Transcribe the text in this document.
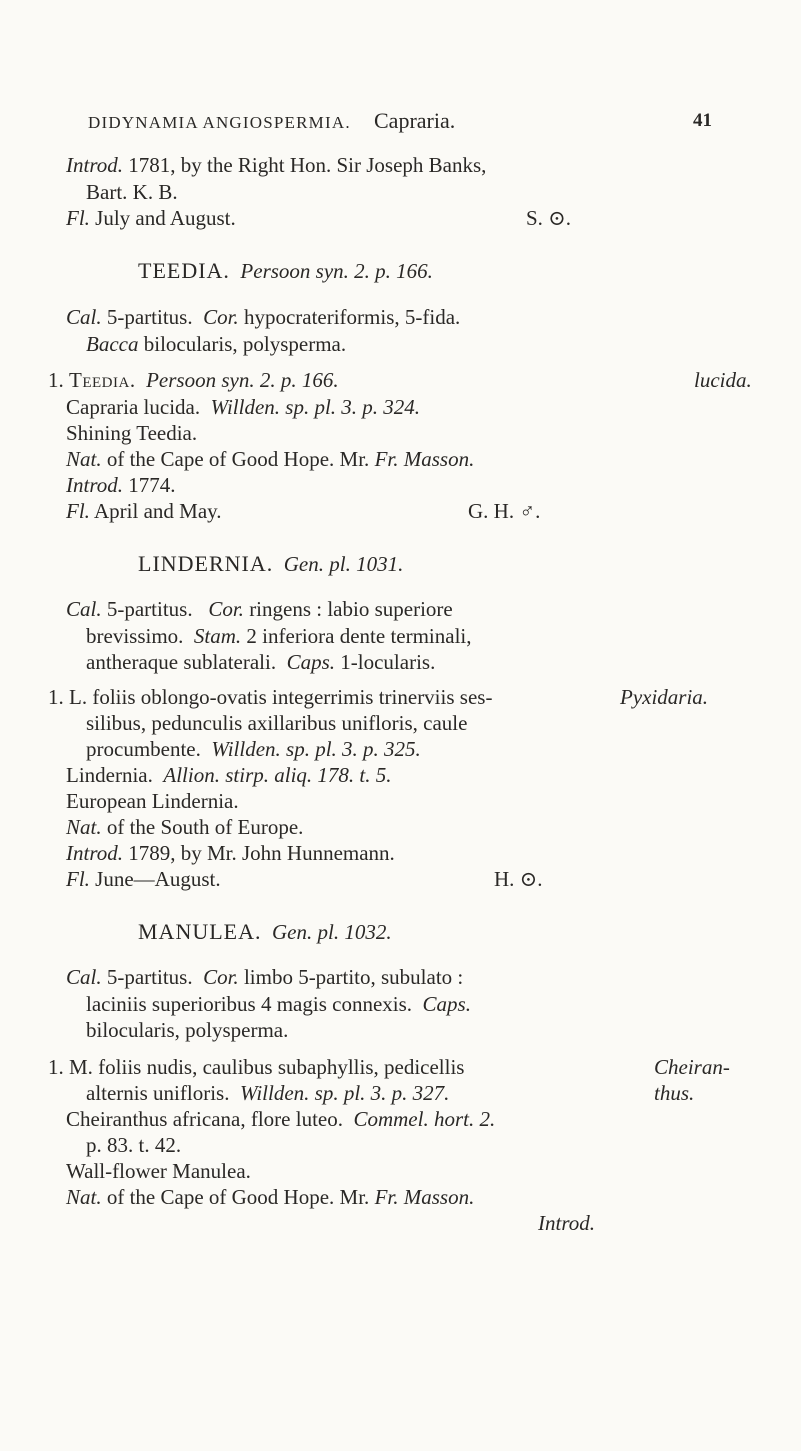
DIDYNAMIA ANGIOSPERMIA. Capraria.	41
Introd. 1781, by the Right Hon. Sir Joseph Banks,
Bart. K. B.
Fl. July and August.	S. ⊙.
TEEDIA. Persoon syn. 2. p. 166.
Cal. 5-partitus. Cor. hypocrateriformis, 5-fida.
Bacca bilocularis, polysperma.
1. Teedia. Persoon syn. 2. p. 166.	lucida.
Capraria lucida. Willden. sp. pl. 3. p. 324.
Shining Teedia.
Nat. of the Cape of Good Hope. Mr. Fr. Masson.
Introd. 1774.
Fl. April and May.	G. H. ♂.
LINDERNIA. Gen. pl. 1031.
Cal. 5-partitus. Cor. ringens : labio superiore
brevissimo. Stam. 2 inferiora dente terminali,
antheraque sublaterali. Caps. 1-locularis.
1. L. foliis oblongo-ovatis integerrimis trinerviis ses-	Pyxidaria.
silibus, pedunculis axillaribus unifloris, caule
procumbente. Willden. sp. pl. 3. p. 325.
Lindernia. Allion. stirp. aliq. 178. t. 5.
European Lindernia.
Nat. of the South of Europe.
Introd. 1789, by Mr. John Hunnemann.
Fl. June—August.	H. ⊙.
MANULEA. Gen. pl. 1032.
Cal. 5-partitus. Cor. limbo 5-partito, subulato :
laciniis superioribus 4 magis connexis. Caps.
bilocularis, polysperma.
1. M. foliis nudis, caulibus subaphyllis, pedicellis	Cheiran-
alternis unifloris. Willden. sp. pl. 3. p. 327.	thus.
Cheiranthus africana, flore luteo. Commel. hort. 2.
p. 83. t. 42.
Wall-flower Manulea.
Nat. of the Cape of Good Hope. Mr. Fr. Masson.
Introd.
